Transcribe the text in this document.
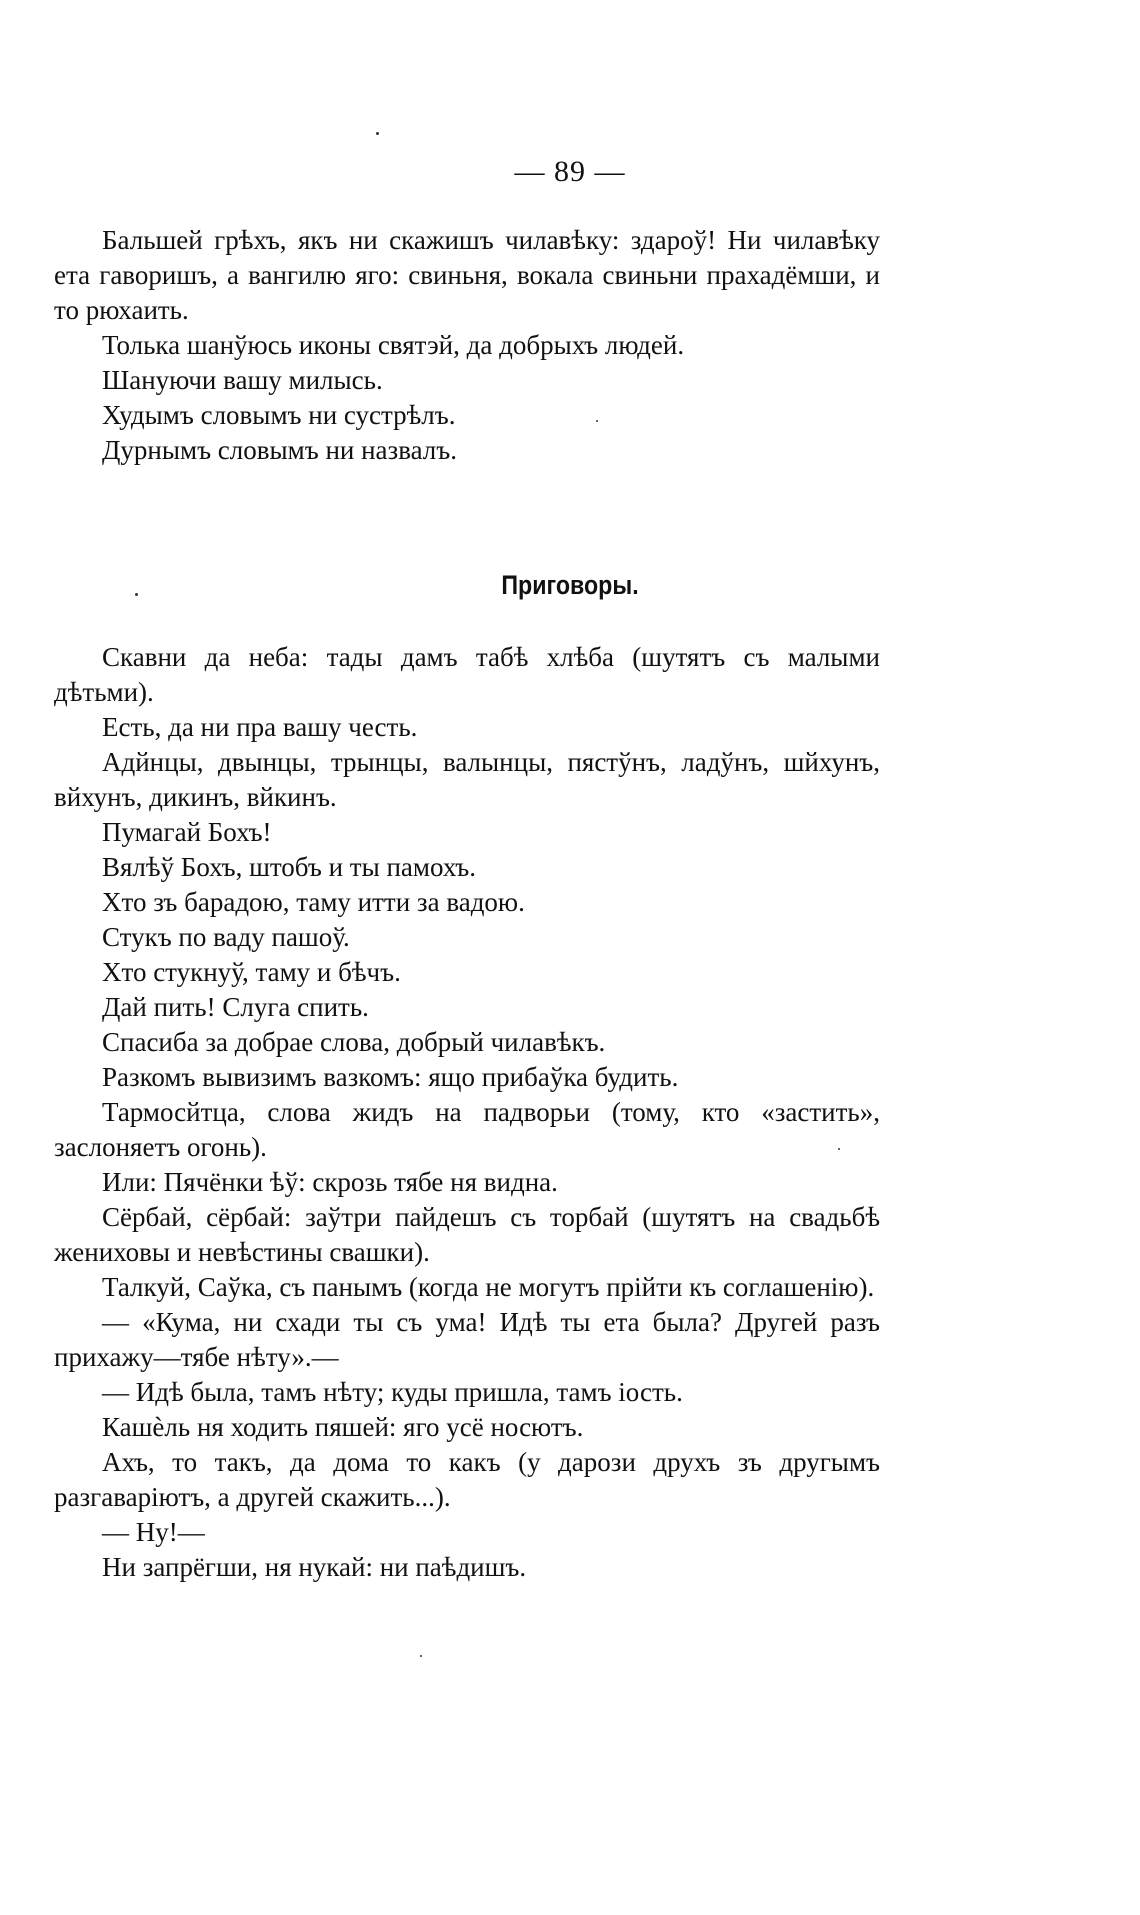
— 89 —

Бальшей грѣхъ, якъ ни скажишъ чилавѣку: здароў! Ни чилавѣку ета гаворишъ, а вангилю яго: свиньня, вокала свиньни прахадёмши, и то рюхаить.

Толька шанўюсь иконы святэй, да добрыхъ людей.

Шануючи вашу милысь.

Худымъ словымъ ни сустрѣлъ.

Дурнымъ словымъ ни назвалъ.

Приговоры.

Скавни да неба: тады дамъ табѣ хлѣба (шутятъ съ малыми дѣтьми).

Есть, да ни пра вашу честь.

Адйнцы, двынцы, трынцы, валынцы, пястўнъ, ладўнъ, шйхунъ, вйхунъ, дикинъ, вйкинъ.

Пумагай Бохъ!

Вялѣў Бохъ, штобъ и ты памохъ.

Хто зъ барадою, таму итти за вадою.

Стукъ по ваду пашоў.

Хто стукнуў, таму и бѣчъ.

Дай пить! Слуга спить.

Спасиба за добрае слова, добрый чилавѣкъ.

Разкомъ вывизимъ вазкомъ: ящо прибаўка будить.

Тармосйтца, слова жидъ на падворьи (тому, кто «застить», заслоняетъ огонь).

Или: Пячёнки ѣў: скрозь тябе ня видна.

Сёрбай, сёрбай: заўтри пайдешъ съ торбай (шутятъ на свадьбѣ жениховы и невѣстины свашки).

Талкуй, Саўка, съ панымъ (когда не могутъ прійти къ соглашенію).

— «Кума, ни схади ты съ ума! Идѣ ты ета была? Другей разъ прихажу—тябе нѣту».—

— Идѣ была, тамъ нѣту; куды пришла, тамъ іость.

Кашѐль ня ходить пяшей: яго усё носютъ.

Ахъ, то такъ, да дома то какъ (у дарози друхъ зъ другымъ разгаваріютъ, а другей скажить...).

— Ну!—

Ни запрёгши, ня нукай: ни паѣдишъ.
